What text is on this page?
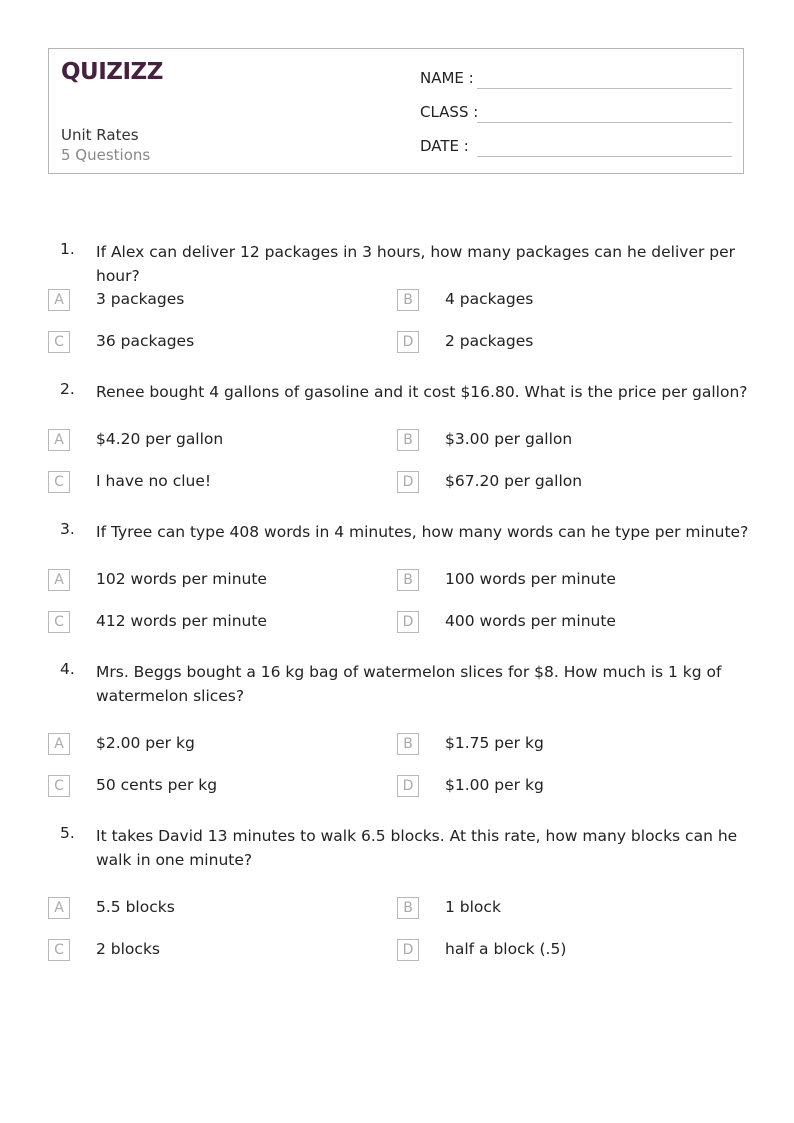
QUIZIZZ
Unit Rates
5 Questions
NAME :
CLASS :
DATE :
1. If Alex can deliver 12 packages in 3 hours, how many packages can he deliver per hour?
A	3 packages	B	4 packages
C	36 packages	D	2 packages
2. Renee bought 4 gallons of gasoline and it cost $16.80. What is the price per gallon?
A	$4.20 per gallon	B	$3.00 per gallon
C	I have no clue!	D	$67.20 per gallon
3. If Tyree can type 408 words in 4 minutes, how many words can he type per minute?
A	102 words per minute	B	100 words per minute
C	412 words per minute	D	400 words per minute
4. Mrs. Beggs bought a 16 kg bag of watermelon slices for $8. How much is 1 kg of watermelon slices?
A	$2.00 per kg	B	$1.75 per kg
C	50 cents per kg	D	$1.00 per kg
5. It takes David 13 minutes to walk 6.5 blocks. At this rate, how many blocks can he walk in one minute?
A	5.5 blocks	B	1 block
C	2 blocks	D	half a block (.5)
